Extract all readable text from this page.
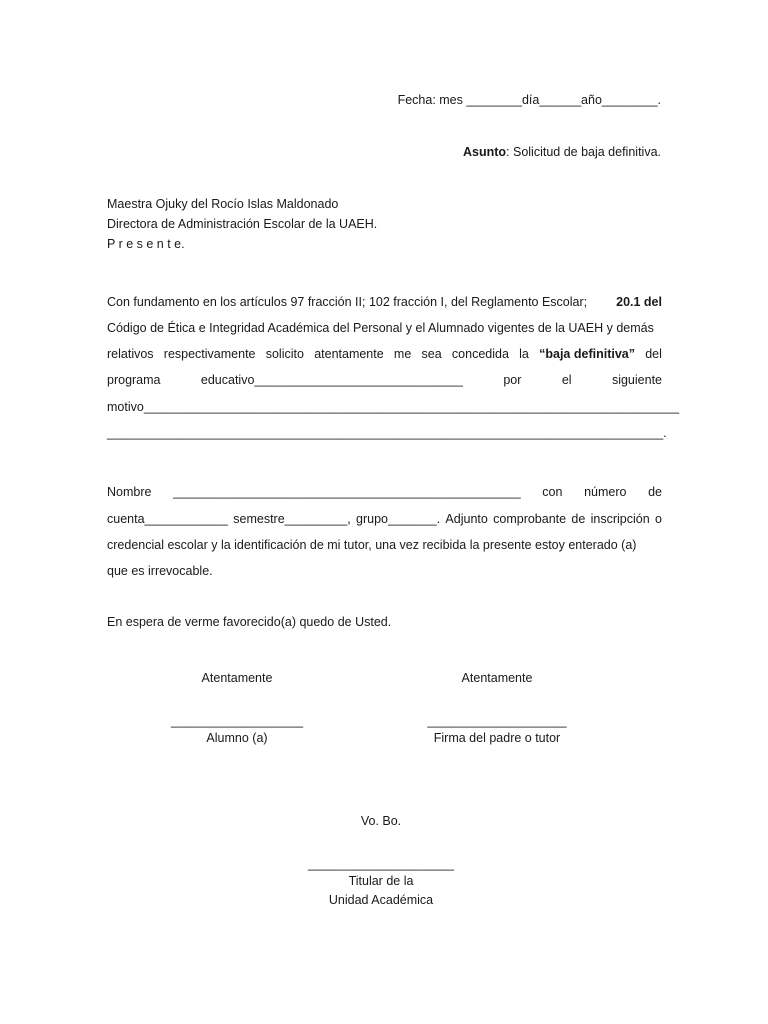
Fecha: mes ________día______año________.
Asunto: Solicitud de baja definitiva.
Maestra Ojuky del Rocío Islas Maldonado
Directora de Administración Escolar de la UAEH.
P r e s e n t e.
Con fundamento en los artículos 97 fracción II; 102 fracción I, del Reglamento Escolar; 20.1 del
Código de Ética e Integridad Académica del Personal y el Alumnado vigentes de la UAEH y demás
relativos respectivamente solicito atentamente me sea concedida la “baja definitiva” del
programa	educativo______________________________	por	el	siguiente
motivo_____________________________________________________________________________
________________________________________________________________________________.
Nombre __________________________________________________ con número de
cuenta____________ semestre_________, grupo_______. Adjunto comprobante de inscripción o
credencial escolar y la identificación de mi tutor, una vez recibida la presente estoy enterado (a)
que es irrevocable.
En espera de verme favorecido(a) quedo de Usted.
Atentamente
___________________
Alumno (a)
Atentamente
____________________
Firma del padre o tutor
Vo. Bo.
_____________________
Titular de la
Unidad Académica
